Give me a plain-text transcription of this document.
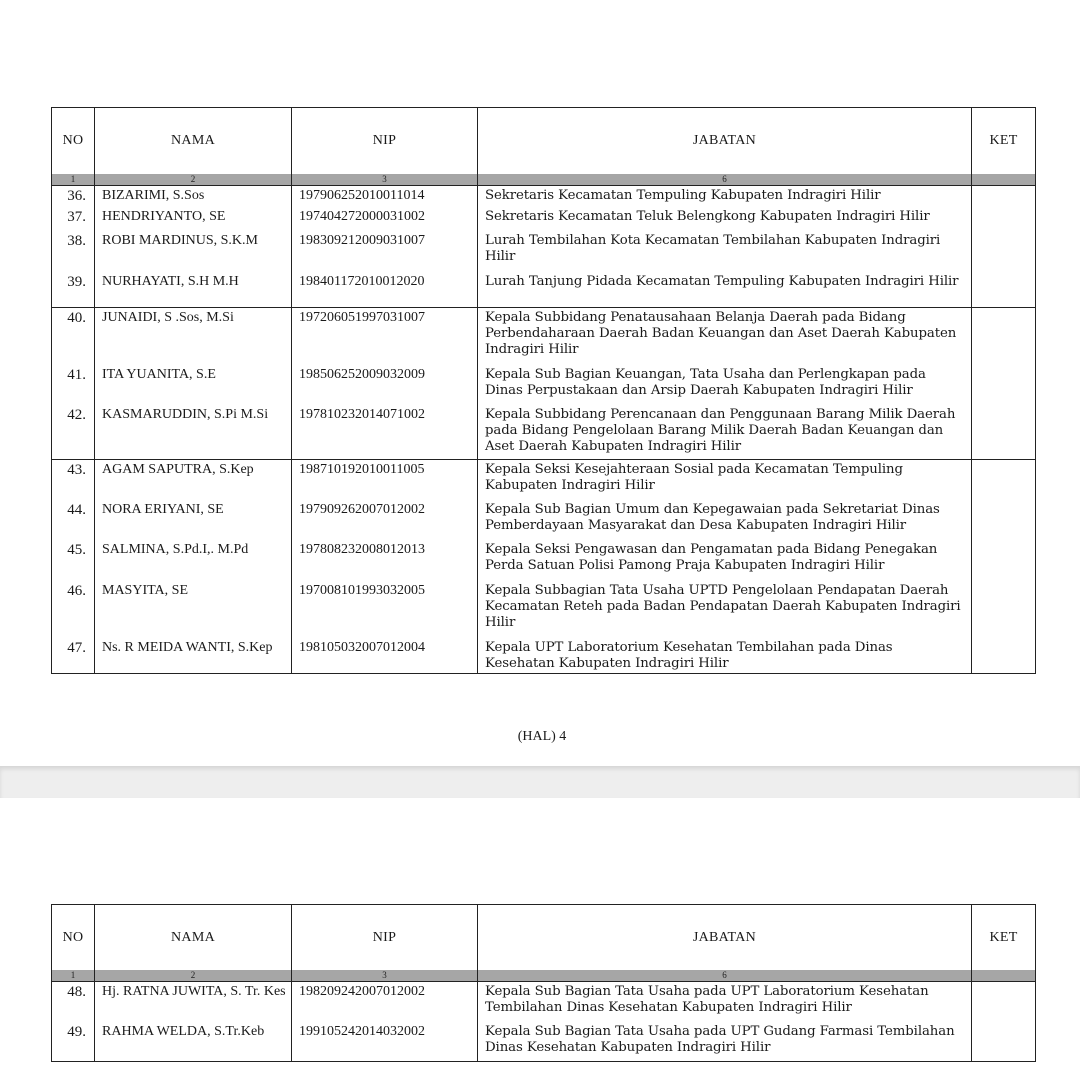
NO	NAMA	NIP	JABATAN	KET
1	2	3	6	
36.	BIZARIMI, S.Sos	197906252010011014	Sekretaris Kecamatan Tempuling Kabupaten Indragiri Hilir	
37.	HENDRIYANTO, SE	197404272000031002	Sekretaris Kecamatan Teluk Belengkong Kabupaten Indragiri Hilir	
38.	ROBI MARDINUS, S.K.M	198309212009031007	Lurah Tembilahan Kota Kecamatan Tembilahan Kabupaten Indragiri Hilir	
39.	NURHAYATI, S.H M.H	198401172010012020	Lurah Tanjung Pidada Kecamatan Tempuling Kabupaten Indragiri Hilir	
40.	JUNAIDI, S .Sos, M.Si	197206051997031007	Kepala Subbidang Penatausahaan Belanja Daerah pada Bidang Perbendaharaan Daerah Badan Keuangan dan Aset Daerah Kabupaten Indragiri Hilir	
41.	ITA YUANITA, S.E	198506252009032009	Kepala Sub Bagian Keuangan, Tata Usaha dan Perlengkapan pada Dinas Perpustakaan dan Arsip Daerah Kabupaten Indragiri Hilir	
42.	KASMARUDDIN, S.Pi M.Si	197810232014071002	Kepala Subbidang Perencanaan dan Penggunaan Barang Milik Daerah pada Bidang Pengelolaan Barang Milik Daerah Badan Keuangan dan Aset Daerah Kabupaten Indragiri Hilir	
43.	AGAM SAPUTRA, S.Kep	198710192010011005	Kepala Seksi Kesejahteraan Sosial pada Kecamatan Tempuling Kabupaten Indragiri Hilir	
44.	NORA ERIYANI, SE	197909262007012002	Kepala Sub Bagian Umum dan Kepegawaian pada Sekretariat Dinas Pemberdayaan Masyarakat dan Desa Kabupaten Indragiri Hilir	
45.	SALMINA, S.Pd.I,. M.Pd	197808232008012013	Kepala Seksi Pengawasan dan Pengamatan pada Bidang Penegakan Perda Satuan Polisi Pamong Praja Kabupaten Indragiri Hilir	
46.	MASYITA, SE	197008101993032005	Kepala Subbagian Tata Usaha UPTD Pengelolaan Pendapatan Daerah Kecamatan Reteh pada Badan Pendapatan Daerah Kabupaten Indragiri Hilir	
47.	Ns. R MEIDA WANTI, S.Kep	198105032007012004	Kepala UPT Laboratorium Kesehatan Tembilahan pada Dinas Kesehatan Kabupaten Indragiri Hilir	
(HAL) 4
NO	NAMA	NIP	JABATAN	KET
1	2	3	6	
48.	Hj. RATNA JUWITA, S. Tr. Kes	198209242007012002	Kepala Sub Bagian Tata Usaha pada UPT Laboratorium Kesehatan Tembilahan Dinas Kesehatan Kabupaten Indragiri Hilir	
49.	RAHMA WELDA, S.Tr.Keb	199105242014032002	Kepala Sub Bagian Tata Usaha pada UPT Gudang Farmasi Tembilahan Dinas Kesehatan Kabupaten Indragiri Hilir	
